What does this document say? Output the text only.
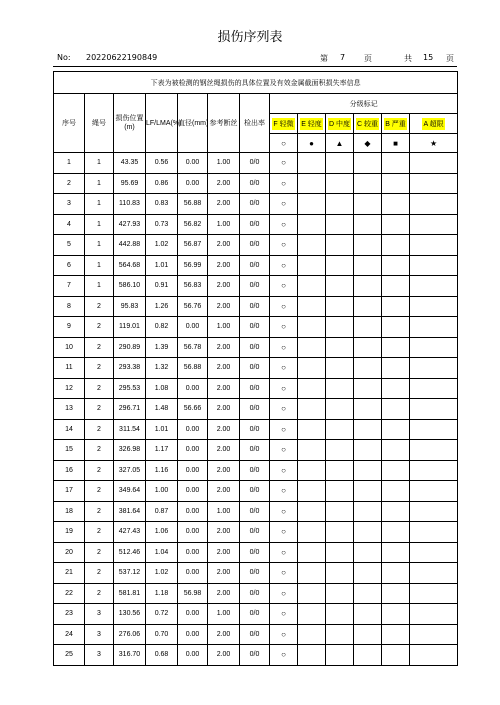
损伤序列表
No: 20220622190849	第 7 页	共 15 页
下表为被检测的钢丝绳损伤的具体位置及有效金属截面积损失率信息												
序号	绳号	损伤位置(m)	LF/LMA(%)	直径(mm)	参考断丝	检出率	分级标记					
							F 轻微	E 轻度	D 中度	C 较重	B 严重	A 超限
							○	●	▲	◆	■	★
1	1	43.35	0.56	0.00	1.00	0/0	○					
2	1	95.69	0.86	0.00	2.00	0/0	○					
3	1	110.83	0.83	56.88	2.00	0/0	○					
4	1	427.93	0.73	56.82	1.00	0/0	○					
5	1	442.88	1.02	56.87	2.00	0/0	○					
6	1	564.68	1.01	56.99	2.00	0/0	○					
7	1	586.10	0.91	56.83	2.00	0/0	○					
8	2	95.83	1.26	56.76	2.00	0/0	○					
9	2	119.01	0.82	0.00	1.00	0/0	○					
10	2	290.89	1.39	56.78	2.00	0/0	○					
11	2	293.38	1.32	56.88	2.00	0/0	○					
12	2	295.53	1.08	0.00	2.00	0/0	○					
13	2	296.71	1.48	56.66	2.00	0/0	○					
14	2	311.54	1.01	0.00	2.00	0/0	○					
15	2	326.98	1.17	0.00	2.00	0/0	○					
16	2	327.05	1.16	0.00	2.00	0/0	○					
17	2	349.64	1.00	0.00	2.00	0/0	○					
18	2	381.64	0.87	0.00	1.00	0/0	○					
19	2	427.43	1.06	0.00	2.00	0/0	○					
20	2	512.46	1.04	0.00	2.00	0/0	○					
21	2	537.12	1.02	0.00	2.00	0/0	○					
22	2	581.81	1.18	56.98	2.00	0/0	○					
23	3	130.56	0.72	0.00	1.00	0/0	○					
24	3	276.06	0.70	0.00	2.00	0/0	○					
25	3	316.70	0.68	0.00	2.00	0/0	○					
